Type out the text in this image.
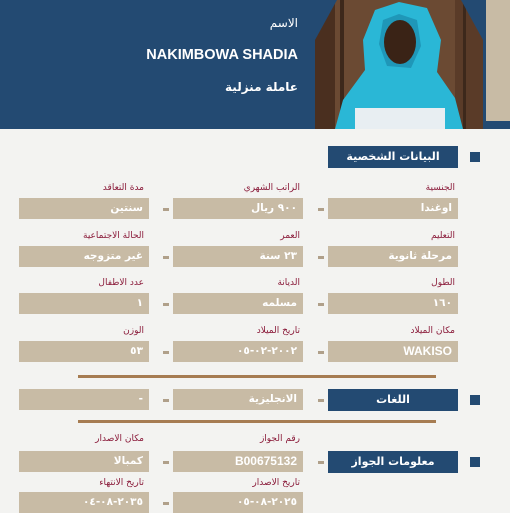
الاسم
NAKIMBOWA SHADIA
عاملة منزلية
البيانات الشخصية
الجنسية
اوغندا
الراتب الشهري
٩٠٠ ريال
مدة التعاقد
سنتين
التعليم
مرحلة ثانوية
العمر
٢٣ سنة
الحالة الاجتماعية
غير متزوجه
الطول
١٦٠
الديانة
مسلمه
عدد الاطفال
١
مكان الميلاد
WAKISO
تاريخ الميلاد
٢٠٠٢-٠٢-٠٥
الوزن
٥٣
اللغات
الانجليزية
-
رقم الجواز
مكان الاصدار
معلومات الجواز
B00675132
كمبالا
تاريخ الاصدار
تاريخ الانتهاء
٢٠٢٥-٠٨-٠٥
٢٠٣٥-٠٨-٠٤
